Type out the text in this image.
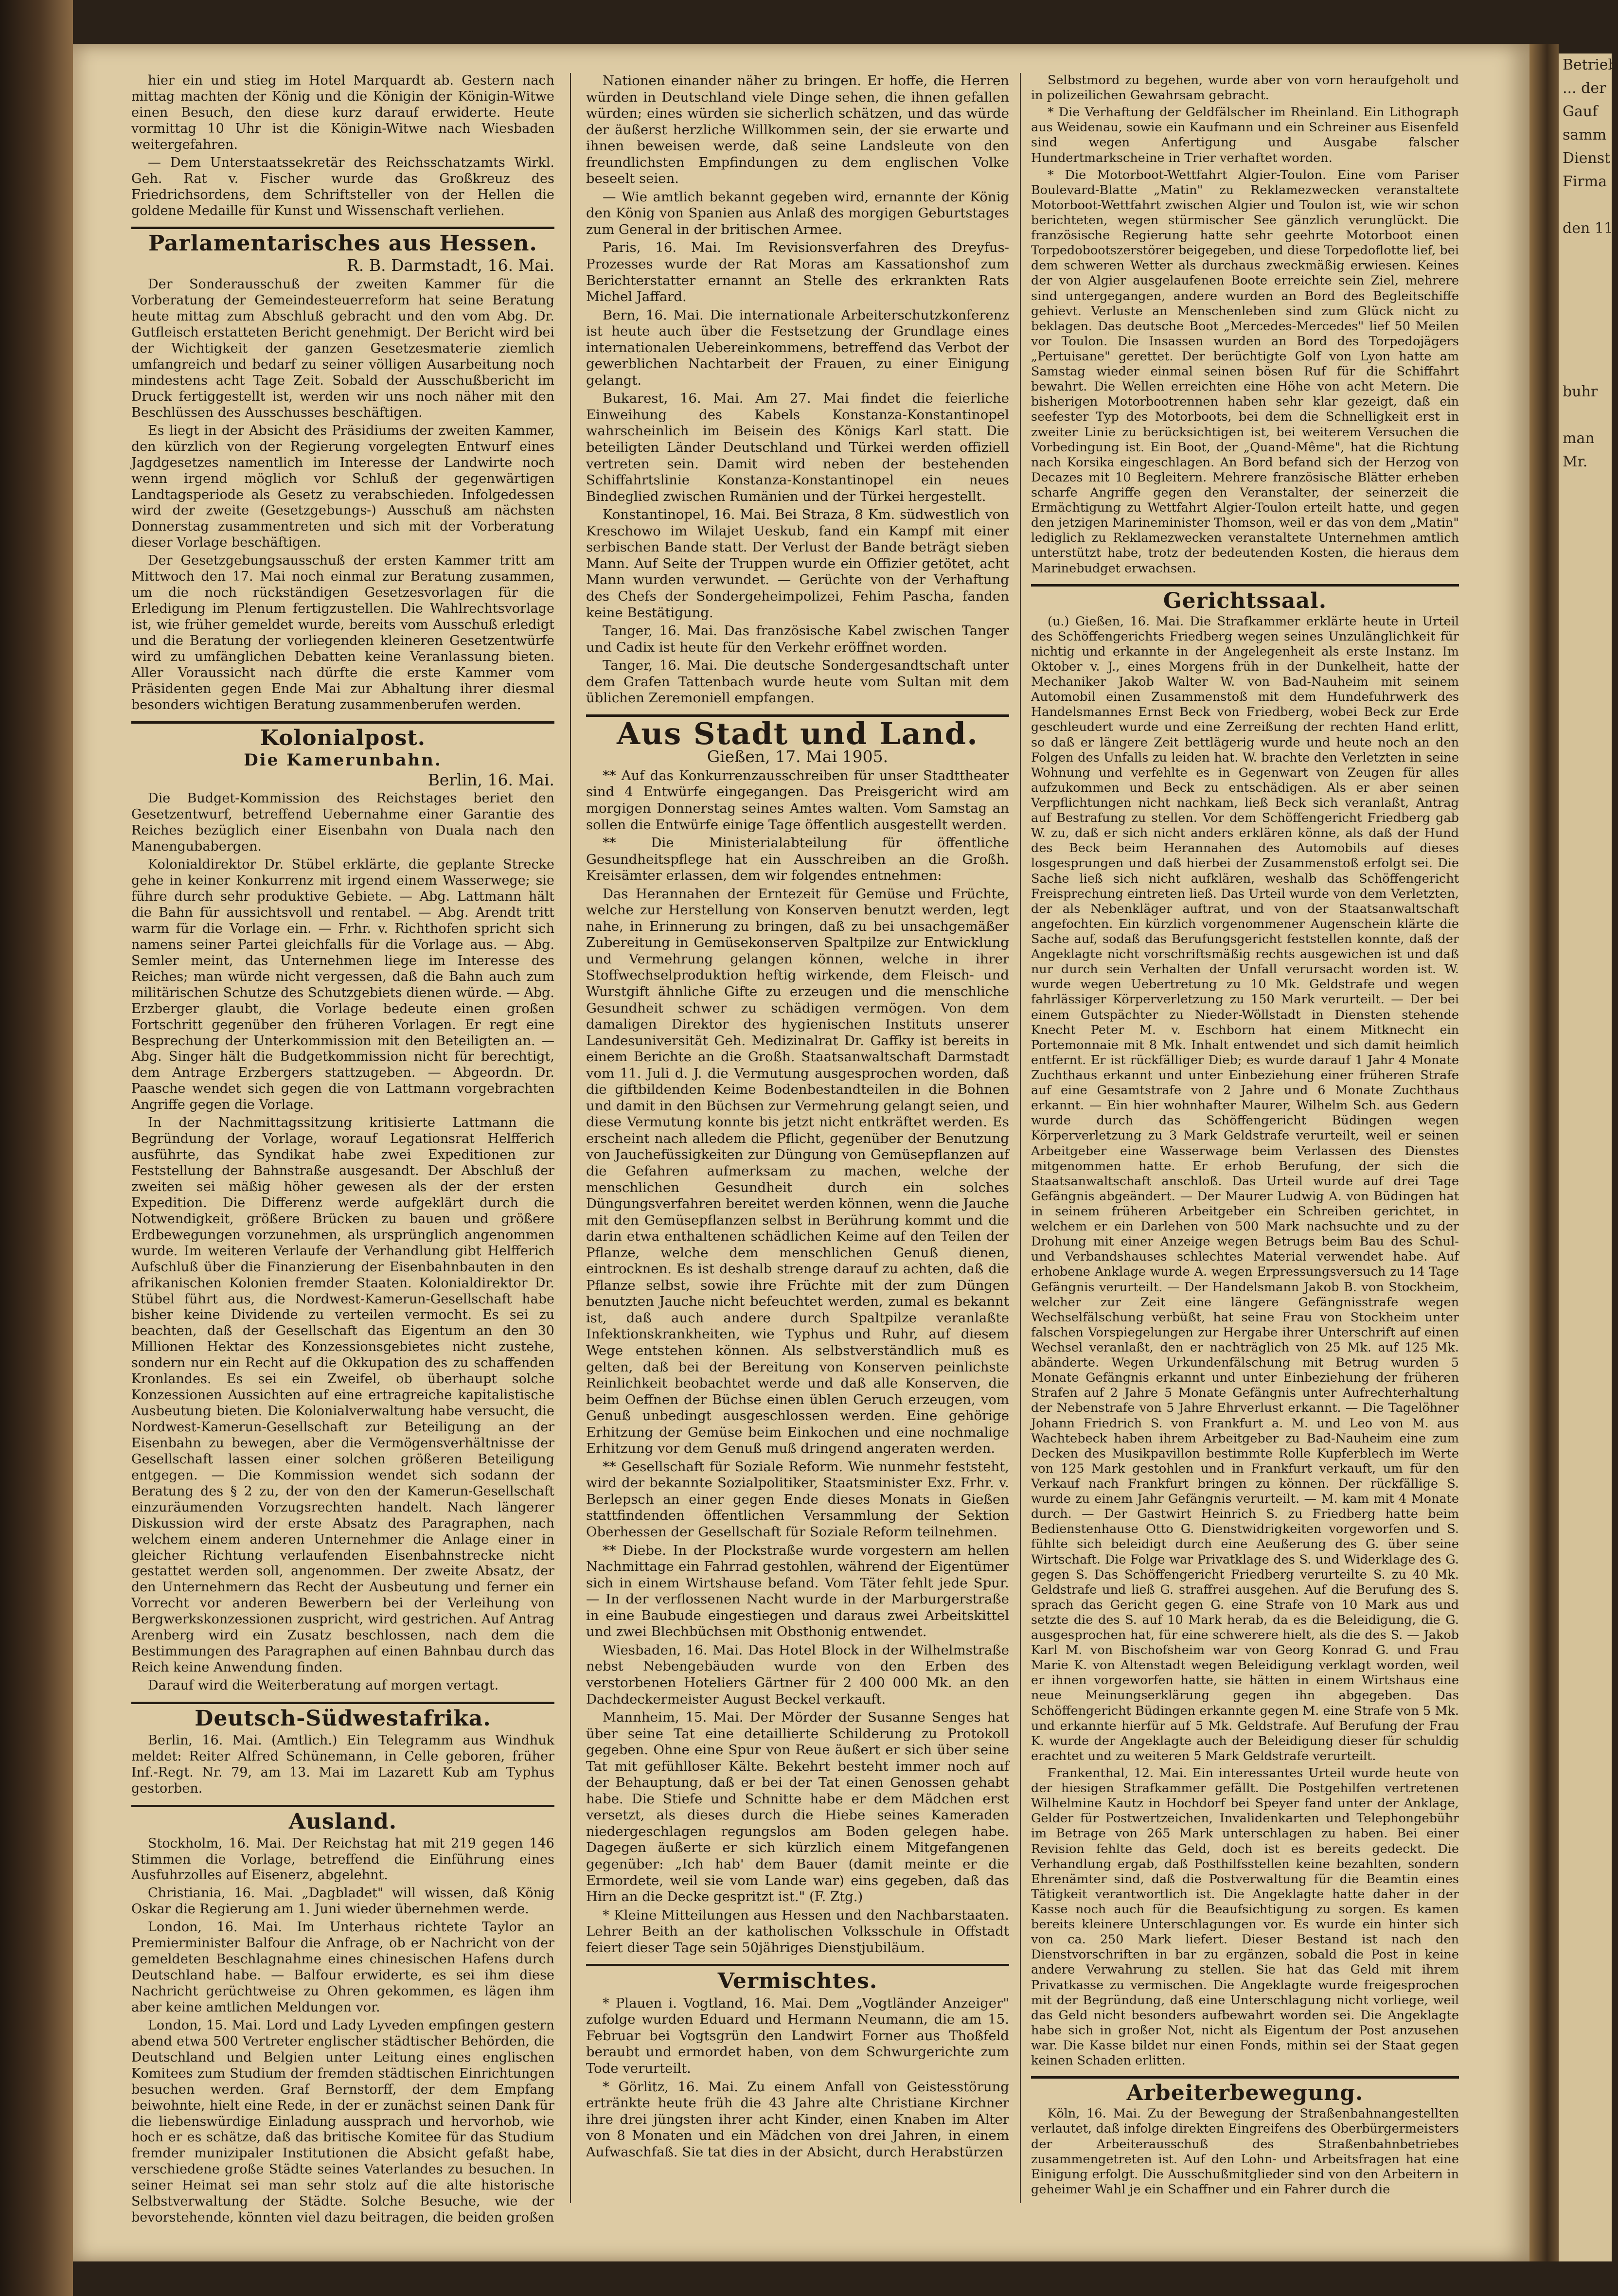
Betrieb
... der
Gauf
samm
Dienst
Firma

den 11.

buhr

man
Mr.

hier ein und stieg im Hotel Marquardt ab. Gestern nach mittag machten der König und die Königin der Königin-Witwe einen Besuch, den diese kurz darauf erwiderte. Heute vormittag 10 Uhr ist die Königin-Witwe nach Wiesbaden weitergefahren.

— Dem Unterstaatssekretär des Reichsschatzamts Wirkl. Geh. Rat v. Fischer wurde das Großkreuz des Friedrichsordens, dem Schriftsteller von der Hellen die goldene Medaille für Kunst und Wissenschaft verliehen.

Parlamentarisches aus Hessen.
R. B. Darmstadt, 16. Mai.

Der Sonderausschuß der zweiten Kammer für die Vorberatung der Gemeindesteuerreform hat seine Beratung heute mittag zum Abschluß gebracht und den vom Abg. Dr. Gutfleisch erstatteten Bericht genehmigt. Der Bericht wird bei der Wichtigkeit der ganzen Gesetzesmaterie ziemlich umfangreich und bedarf zu seiner völligen Ausarbeitung noch mindestens acht Tage Zeit. Sobald der Ausschußbericht im Druck fertiggestellt ist, werden wir uns noch näher mit den Beschlüssen des Ausschusses beschäftigen.

Es liegt in der Absicht des Präsidiums der zweiten Kammer, den kürzlich von der Regierung vorgelegten Entwurf eines Jagdgesetzes namentlich im Interesse der Landwirte noch wenn irgend möglich vor Schluß der gegenwärtigen Landtagsperiode als Gesetz zu verabschieden. Infolgedessen wird der zweite (Gesetzgebungs-) Ausschuß am nächsten Donnerstag zusammentreten und sich mit der Vorberatung dieser Vorlage beschäftigen.

Der Gesetzgebungsausschuß der ersten Kammer tritt am Mittwoch den 17. Mai noch einmal zur Beratung zusammen, um die noch rückständigen Gesetzesvorlagen für die Erledigung im Plenum fertigzustellen. Die Wahlrechtsvorlage ist, wie früher gemeldet wurde, bereits vom Ausschuß erledigt und die Beratung der vorliegenden kleineren Gesetzentwürfe wird zu umfänglichen Debatten keine Veranlassung bieten. Aller Voraussicht nach dürfte die erste Kammer vom Präsidenten gegen Ende Mai zur Abhaltung ihrer diesmal besonders wichtigen Beratung zusammenberufen werden.

Kolonialpost.
Die Kamerunbahn.
Berlin, 16. Mai.

Die Budget-Kommission des Reichstages beriet den Gesetzentwurf, betreffend Uebernahme einer Garantie des Reiches bezüglich einer Eisenbahn von Duala nach den Manengubabergen.

Kolonialdirektor Dr. Stübel erklärte, die geplante Strecke gehe in keiner Konkurrenz mit irgend einem Wasserwege; sie führe durch sehr produktive Gebiete. — Abg. Lattmann hält die Bahn für aussichtsvoll und rentabel. — Abg. Arendt tritt warm für die Vorlage ein. — Frhr. v. Richthofen spricht sich namens seiner Partei gleichfalls für die Vorlage aus. — Abg. Semler meint, das Unternehmen liege im Interesse des Reiches; man würde nicht vergessen, daß die Bahn auch zum militärischen Schutze des Schutzgebiets dienen würde. — Abg. Erzberger glaubt, die Vorlage bedeute einen großen Fortschritt gegenüber den früheren Vorlagen. Er regt eine Besprechung der Unterkommission mit den Beteiligten an. — Abg. Singer hält die Budgetkommission nicht für berechtigt, dem Antrage Erzbergers stattzugeben. — Abgeordn. Dr. Paasche wendet sich gegen die von Lattmann vorgebrachten Angriffe gegen die Vorlage.

In der Nachmittagssitzung kritisierte Lattmann die Begründung der Vorlage, worauf Legationsrat Helfferich ausführte, das Syndikat habe zwei Expeditionen zur Feststellung der Bahnstraße ausgesandt. Der Abschluß der zweiten sei mäßig höher gewesen als der der ersten Expedition. Die Differenz werde aufgeklärt durch die Notwendigkeit, größere Brücken zu bauen und größere Erdbewegungen vorzunehmen, als ursprünglich angenommen wurde. Im weiteren Verlaufe der Verhandlung gibt Helfferich Aufschluß über die Finanzierung der Eisenbahnbauten in den afrikanischen Kolonien fremder Staaten. Kolonialdirektor Dr. Stübel führt aus, die Nordwest-Kamerun-Gesellschaft habe bisher keine Dividende zu verteilen vermocht. Es sei zu beachten, daß der Gesellschaft das Eigentum an den 30 Millionen Hektar des Konzessionsgebietes nicht zustehe, sondern nur ein Recht auf die Okkupation des zu schaffenden Kronlandes. Es sei ein Zweifel, ob überhaupt solche Konzessionen Aussichten auf eine ertragreiche kapitalistische Ausbeutung bieten. Die Kolonialverwaltung habe versucht, die Nordwest-Kamerun-Gesellschaft zur Beteiligung an der Eisenbahn zu bewegen, aber die Vermögensverhältnisse der Gesellschaft lassen einer solchen größeren Beteiligung entgegen. — Die Kommission wendet sich sodann der Beratung des § 2 zu, der von den der Kamerun-Gesellschaft einzuräumenden Vorzugsrechten handelt. Nach längerer Diskussion wird der erste Absatz des Paragraphen, nach welchem einem anderen Unternehmer die Anlage einer in gleicher Richtung verlaufenden Eisenbahnstrecke nicht gestattet werden soll, angenommen. Der zweite Absatz, der den Unternehmern das Recht der Ausbeutung und ferner ein Vorrecht vor anderen Bewerbern bei der Verleihung von Bergwerkskonzessionen zuspricht, wird gestrichen. Auf Antrag Arenberg wird ein Zusatz beschlossen, nach dem die Bestimmungen des Paragraphen auf einen Bahnbau durch das Reich keine Anwendung finden.

Darauf wird die Weiterberatung auf morgen vertagt.

Deutsch-Südwestafrika.

Berlin, 16. Mai. (Amtlich.) Ein Telegramm aus Windhuk meldet: Reiter Alfred Schünemann, in Celle geboren, früher Inf.-Regt. Nr. 79, am 13. Mai im Lazarett Kub am Typhus gestorben.

Ausland.

Stockholm, 16. Mai. Der Reichstag hat mit 219 gegen 146 Stimmen die Vorlage, betreffend die Einführung eines Ausfuhrzolles auf Eisenerz, abgelehnt.

Christiania, 16. Mai. „Dagbladet" will wissen, daß König Oskar die Regierung am 1. Juni wieder übernehmen werde.

London, 16. Mai. Im Unterhaus richtete Taylor an Premierminister Balfour die Anfrage, ob er Nachricht von der gemeldeten Beschlagnahme eines chinesischen Hafens durch Deutschland habe. — Balfour erwiderte, es sei ihm diese Nachricht gerüchtweise zu Ohren gekommen, es lägen ihm aber keine amtlichen Meldungen vor.

London, 15. Mai. Lord und Lady Lyveden empfingen gestern abend etwa 500 Vertreter englischer städtischer Behörden, die Deutschland und Belgien unter Leitung eines englischen Komitees zum Studium der fremden städtischen Einrichtungen besuchen werden. Graf Bernstorff, der dem Empfang beiwohnte, hielt eine Rede, in der er zunächst seinen Dank für die liebenswürdige Einladung aussprach und hervorhob, wie hoch er es schätze, daß das britische Komitee für das Studium fremder munizipaler Institutionen die Absicht gefaßt habe, verschiedene große Städte seines Vaterlandes zu besuchen. In seiner Heimat sei man sehr stolz auf die alte historische Selbstverwaltung der Städte. Solche Besuche, wie der bevorstehende, könnten viel dazu beitragen, die beiden großen

Nationen einander näher zu bringen. Er hoffe, die Herren würden in Deutschland viele Dinge sehen, die ihnen gefallen würden; eines würden sie sicherlich schätzen, und das würde der äußerst herzliche Willkommen sein, der sie erwarte und ihnen beweisen werde, daß seine Landsleute von den freundlichsten Empfindungen zu dem englischen Volke beseelt seien.

— Wie amtlich bekannt gegeben wird, ernannte der König den König von Spanien aus Anlaß des morgigen Geburtstages zum General in der britischen Armee.

Paris, 16. Mai. Im Revisionsverfahren des Dreyfus-Prozesses wurde der Rat Moras am Kassationshof zum Berichterstatter ernannt an Stelle des erkrankten Rats Michel Jaffard.

Bern, 16. Mai. Die internationale Arbeiterschutzkonferenz ist heute auch über die Festsetzung der Grundlage eines internationalen Uebereinkommens, betreffend das Verbot der gewerblichen Nachtarbeit der Frauen, zu einer Einigung gelangt.

Bukarest, 16. Mai. Am 27. Mai findet die feierliche Einweihung des Kabels Konstanza-Konstantinopel wahrscheinlich im Beisein des Königs Karl statt. Die beteiligten Länder Deutschland und Türkei werden offiziell vertreten sein. Damit wird neben der bestehenden Schiffahrtslinie Konstanza-Konstantinopel ein neues Bindeglied zwischen Rumänien und der Türkei hergestellt.

Konstantinopel, 16. Mai. Bei Straza, 8 Km. südwestlich von Kreschowo im Wilajet Ueskub, fand ein Kampf mit einer serbischen Bande statt. Der Verlust der Bande beträgt sieben Mann. Auf Seite der Truppen wurde ein Offizier getötet, acht Mann wurden verwundet. — Gerüchte von der Verhaftung des Chefs der Sondergeheimpolizei, Fehim Pascha, fanden keine Bestätigung.

Tanger, 16. Mai. Das französische Kabel zwischen Tanger und Cadix ist heute für den Verkehr eröffnet worden.

Tanger, 16. Mai. Die deutsche Sondergesandtschaft unter dem Grafen Tattenbach wurde heute vom Sultan mit dem üblichen Zeremoniell empfangen.

Aus Stadt und Land.
Gießen, 17. Mai 1905.

** Auf das Konkurrenzausschreiben für unser Stadttheater sind 4 Entwürfe eingegangen. Das Preisgericht wird am morgigen Donnerstag seines Amtes walten. Vom Samstag an sollen die Entwürfe einige Tage öffentlich ausgestellt werden.

** Die Ministerialabteilung für öffentliche Gesundheitspflege hat ein Ausschreiben an die Großh. Kreisämter erlassen, dem wir folgendes entnehmen:

Das Herannahen der Erntezeit für Gemüse und Früchte, welche zur Herstellung von Konserven benutzt werden, legt nahe, in Erinnerung zu bringen, daß zu bei unsachgemäßer Zubereitung in Gemüsekonserven Spaltpilze zur Entwicklung und Vermehrung gelangen können, welche in ihrer Stoffwechselproduktion heftig wirkende, dem Fleisch- und Wurstgift ähnliche Gifte zu erzeugen und die menschliche Gesundheit schwer zu schädigen vermögen. Von dem damaligen Direktor des hygienischen Instituts unserer Landesuniversität Geh. Medizinalrat Dr. Gaffky ist bereits in einem Berichte an die Großh. Staatsanwaltschaft Darmstadt vom 11. Juli d. J. die Vermutung ausgesprochen worden, daß die giftbildenden Keime Bodenbestandteilen in die Bohnen und damit in den Büchsen zur Vermehrung gelangt seien, und diese Vermutung konnte bis jetzt nicht entkräftet werden. Es erscheint nach alledem die Pflicht, gegenüber der Benutzung von Jauchefüssigkeiten zur Düngung von Gemüsepflanzen auf die Gefahren aufmerksam zu machen, welche der menschlichen Gesundheit durch ein solches Düngungsverfahren bereitet werden können, wenn die Jauche mit den Gemüsepflanzen selbst in Berührung kommt und die darin etwa enthaltenen schädlichen Keime auf den Teilen der Pflanze, welche dem menschlichen Genuß dienen, eintrocknen. Es ist deshalb strenge darauf zu achten, daß die Pflanze selbst, sowie ihre Früchte mit der zum Düngen benutzten Jauche nicht befeuchtet werden, zumal es bekannt ist, daß auch andere durch Spaltpilze veranlaßte Infektionskrankheiten, wie Typhus und Ruhr, auf diesem Wege entstehen können. Als selbstverständlich muß es gelten, daß bei der Bereitung von Konserven peinlichste Reinlichkeit beobachtet werde und daß alle Konserven, die beim Oeffnen der Büchse einen üblen Geruch erzeugen, vom Genuß unbedingt ausgeschlossen werden. Eine gehörige Erhitzung der Gemüse beim Einkochen und eine nochmalige Erhitzung vor dem Genuß muß dringend angeraten werden.

** Gesellschaft für Soziale Reform. Wie nunmehr feststeht, wird der bekannte Sozialpolitiker, Staatsminister Exz. Frhr. v. Berlepsch an einer gegen Ende dieses Monats in Gießen stattfindenden öffentlichen Versammlung der Sektion Oberhessen der Gesellschaft für Soziale Reform teilnehmen.

** Diebe. In der Plockstraße wurde vorgestern am hellen Nachmittage ein Fahrrad gestohlen, während der Eigentümer sich in einem Wirtshause befand. Vom Täter fehlt jede Spur. — In der verflossenen Nacht wurde in der Marburgerstraße in eine Baubude eingestiegen und daraus zwei Arbeitskittel und zwei Blechbüchsen mit Obsthonig entwendet.

Wiesbaden, 16. Mai. Das Hotel Block in der Wilhelmstraße nebst Nebengebäuden wurde von den Erben des verstorbenen Hoteliers Gärtner für 2 400 000 Mk. an den Dachdeckermeister August Beckel verkauft.

Mannheim, 15. Mai. Der Mörder der Susanne Senges hat über seine Tat eine detaillierte Schilderung zu Protokoll gegeben. Ohne eine Spur von Reue äußert er sich über seine Tat mit gefühlloser Kälte. Bekehrt besteht immer noch auf der Behauptung, daß er bei der Tat einen Genossen gehabt habe. Die Stiefe und Schnitte habe er dem Mädchen erst versetzt, als dieses durch die Hiebe seines Kameraden niedergeschlagen regungslos am Boden gelegen habe. Dagegen äußerte er sich kürzlich einem Mitgefangenen gegenüber: „Ich hab' dem Bauer (damit meinte er die Ermordete, weil sie vom Lande war) eins gegeben, daß das Hirn an die Decke gespritzt ist." (F. Ztg.)

* Kleine Mitteilungen aus Hessen und den Nachbarstaaten. Lehrer Beith an der katholischen Volksschule in Offstadt feiert dieser Tage sein 50jähriges Dienstjubiläum.

Vermischtes.

* Plauen i. Vogtland, 16. Mai. Dem „Vogtländer Anzeiger" zufolge wurden Eduard und Hermann Neumann, die am 15. Februar bei Vogtsgrün den Landwirt Forner aus Thoßfeld beraubt und ermordet haben, von dem Schwurgerichte zum Tode verurteilt.

* Görlitz, 16. Mai. Zu einem Anfall von Geistesstörung ertränkte heute früh die 43 Jahre alte Christiane Kirchner ihre drei jüngsten ihrer acht Kinder, einen Knaben im Alter von 8 Monaten und ein Mädchen von drei Jahren, in einem Aufwaschfaß. Sie tat dies in der Absicht, durch Herabstürzen

Selbstmord zu begehen, wurde aber von vorn heraufgeholt und in polizeilichen Gewahrsam gebracht.

* Die Verhaftung der Geldfälscher im Rheinland. Ein Lithograph aus Weidenau, sowie ein Kaufmann und ein Schreiner aus Eisenfeld sind wegen Anfertigung und Ausgabe falscher Hundertmarkscheine in Trier verhaftet worden.

* Die Motorboot-Wettfahrt Algier-Toulon. Eine vom Pariser Boulevard-Blatte „Matin" zu Reklamezwecken veranstaltete Motorboot-Wettfahrt zwischen Algier und Toulon ist, wie wir schon berichteten, wegen stürmischer See gänzlich verunglückt. Die französische Regierung hatte sehr geehrte Motorboot einen Torpedobootszerstörer beigegeben, und diese Torpedoflotte lief, bei dem schweren Wetter als durchaus zweckmäßig erwiesen. Keines der von Algier ausgelaufenen Boote erreichte sein Ziel, mehrere sind untergegangen, andere wurden an Bord des Begleitschiffe gehievt. Verluste an Menschenleben sind zum Glück nicht zu beklagen. Das deutsche Boot „Mercedes-Mercedes" lief 50 Meilen vor Toulon. Die Insassen wurden an Bord des Torpedojägers „Pertuisane" gerettet. Der berüchtigte Golf von Lyon hatte am Samstag wieder einmal seinen bösen Ruf für die Schiffahrt bewahrt. Die Wellen erreichten eine Höhe von acht Metern. Die bisherigen Motorbootrennen haben sehr klar gezeigt, daß ein seefester Typ des Motorboots, bei dem die Schnelligkeit erst in zweiter Linie zu berücksichtigen ist, bei weiterem Versuchen die Vorbedingung ist. Ein Boot, der „Quand-Même", hat die Richtung nach Korsika eingeschlagen. An Bord befand sich der Herzog von Decazes mit 10 Begleitern. Mehrere französische Blätter erheben scharfe Angriffe gegen den Veranstalter, der seinerzeit die Ermächtigung zu Wettfahrt Algier-Toulon erteilt hatte, und gegen den jetzigen Marineminister Thomson, weil er das von dem „Matin" lediglich zu Reklamezwecken veranstaltete Unternehmen amtlich unterstützt habe, trotz der bedeutenden Kosten, die hieraus dem Marinebudget erwachsen.

Gerichtssaal.

(u.) Gießen, 16. Mai. Die Strafkammer erklärte heute in Urteil des Schöffengerichts Friedberg wegen seines Unzulänglichkeit für nichtig und erkannte in der Angelegenheit als erste Instanz. Im Oktober v. J., eines Morgens früh in der Dunkelheit, hatte der Mechaniker Jakob Walter W. von Bad-Nauheim mit seinem Automobil einen Zusammenstoß mit dem Hundefuhrwerk des Handelsmannes Ernst Beck von Friedberg, wobei Beck zur Erde geschleudert wurde und eine Zerreißung der rechten Hand erlitt, so daß er längere Zeit bettlägerig wurde und heute noch an den Folgen des Unfalls zu leiden hat. W. brachte den Verletzten in seine Wohnung und verfehlte es in Gegenwart von Zeugen für alles aufzukommen und Beck zu entschädigen. Als er aber seinen Verpflichtungen nicht nachkam, ließ Beck sich veranlaßt, Antrag auf Bestrafung zu stellen. Vor dem Schöffengericht Friedberg gab W. zu, daß er sich nicht anders erklären könne, als daß der Hund des Beck beim Herannahen des Automobils auf dieses losgesprungen und daß hierbei der Zusammenstoß erfolgt sei. Die Sache ließ sich nicht aufklären, weshalb das Schöffengericht Freisprechung eintreten ließ. Das Urteil wurde von dem Verletzten, der als Nebenkläger auftrat, und von der Staatsanwaltschaft angefochten. Ein kürzlich vorgenommener Augenschein klärte die Sache auf, sodaß das Berufungsgericht feststellen konnte, daß der Angeklagte nicht vorschriftsmäßig rechts ausgewichen ist und daß nur durch sein Verhalten der Unfall verursacht worden ist. W. wurde wegen Uebertretung zu 10 Mk. Geldstrafe und wegen fahrlässiger Körperverletzung zu 150 Mark verurteilt. — Der bei einem Gutspächter zu Nieder-Wöllstadt in Diensten stehende Knecht Peter M. v. Eschborn hat einem Mitknecht ein Portemonnaie mit 8 Mk. Inhalt entwendet und sich damit heimlich entfernt. Er ist rückfälliger Dieb; es wurde darauf 1 Jahr 4 Monate Zuchthaus erkannt und unter Einbeziehung einer früheren Strafe auf eine Gesamtstrafe von 2 Jahre und 6 Monate Zuchthaus erkannt. — Ein hier wohnhafter Maurer, Wilhelm Sch. aus Gedern wurde durch das Schöffengericht Büdingen wegen Körperverletzung zu 3 Mark Geldstrafe verurteilt, weil er seinen Arbeitgeber eine Wasserwage beim Verlassen des Dienstes mitgenommen hatte. Er erhob Berufung, der sich die Staatsanwaltschaft anschloß. Das Urteil wurde auf drei Tage Gefängnis abgeändert. — Der Maurer Ludwig A. von Büdingen hat in seinem früheren Arbeitgeber ein Schreiben gerichtet, in welchem er ein Darlehen von 500 Mark nachsuchte und zu der Drohung mit einer Anzeige wegen Betrugs beim Bau des Schul- und Verbandshauses schlechtes Material verwendet habe. Auf erhobene Anklage wurde A. wegen Erpressungsversuch zu 14 Tage Gefängnis verurteilt. — Der Handelsmann Jakob B. von Stockheim, welcher zur Zeit eine längere Gefängnisstrafe wegen Wechselfälschung verbüßt, hat seine Frau von Stockheim unter falschen Vorspiegelungen zur Hergabe ihrer Unterschrift auf einen Wechsel veranlaßt, den er nachträglich von 25 Mk. auf 125 Mk. abänderte. Wegen Urkundenfälschung mit Betrug wurden 5 Monate Gefängnis erkannt und unter Einbeziehung der früheren Strafen auf 2 Jahre 5 Monate Gefängnis unter Aufrechterhaltung der Nebenstrafe von 5 Jahre Ehrverlust erkannt. — Die Tagelöhner Johann Friedrich S. von Frankfurt a. M. und Leo von M. aus Wachtebeck haben ihrem Arbeitgeber zu Bad-Nauheim eine zum Decken des Musikpavillon bestimmte Rolle Kupferblech im Werte von 125 Mark gestohlen und in Frankfurt verkauft, um für den Verkauf nach Frankfurt bringen zu können. Der rückfällige S. wurde zu einem Jahr Gefängnis verurteilt. — M. kam mit 4 Monate durch. — Der Gastwirt Heinrich S. zu Friedberg hatte beim Bedienstenhause Otto G. Dienstwidrigkeiten vorgeworfen und S. fühlte sich beleidigt durch eine Aeußerung des G. über seine Wirtschaft. Die Folge war Privatklage des S. und Widerklage des G. gegen S. Das Schöffengericht Friedberg verurteilte S. zu 40 Mk. Geldstrafe und ließ G. straffrei ausgehen. Auf die Berufung des S. sprach das Gericht gegen G. eine Strafe von 10 Mark aus und setzte die des S. auf 10 Mark herab, da es die Beleidigung, die G. ausgesprochen hat, für eine schwerere hielt, als die des S. — Jakob Karl M. von Bischofsheim war von Georg Konrad G. und Frau Marie K. von Altenstadt wegen Beleidigung verklagt worden, weil er ihnen vorgeworfen hatte, sie hätten in einem Wirtshaus eine neue Meinungserklärung gegen ihn abgegeben. Das Schöffengericht Büdingen erkannte gegen M. eine Strafe von 5 Mk. und erkannte hierfür auf 5 Mk. Geldstrafe. Auf Berufung der Frau K. wurde der Angeklagte auch der Beleidigung dieser für schuldig erachtet und zu weiteren 5 Mark Geldstrafe verurteilt.

Frankenthal, 12. Mai. Ein interessantes Urteil wurde heute von der hiesigen Strafkammer gefällt. Die Postgehilfen vertretenen Wilhelmine Kautz in Hochdorf bei Speyer fand unter der Anklage, Gelder für Postwertzeichen, Invalidenkarten und Telephongebühr im Betrage von 265 Mark unterschlagen zu haben. Bei einer Revision fehlte das Geld, doch ist es bereits gedeckt. Die Verhandlung ergab, daß Posthilfsstellen keine bezahlten, sondern Ehrenämter sind, daß die Postverwaltung für die Beamtin eines Tätigkeit verantwortlich ist. Die Angeklagte hatte daher in der Kasse noch auch für die Beaufsichtigung zu sorgen. Es kamen bereits kleinere Unterschlagungen vor. Es wurde ein hinter sich von ca. 250 Mark liefert. Dieser Bestand ist nach den Dienstvorschriften in bar zu ergänzen, sobald die Post in keine andere Verwahrung zu stellen. Sie hat das Geld mit ihrem Privatkasse zu vermischen. Die Angeklagte wurde freigesprochen mit der Begründung, daß eine Unterschlagung nicht vorliege, weil das Geld nicht besonders aufbewahrt worden sei. Die Angeklagte habe sich in großer Not, nicht als Eigentum der Post anzusehen war. Die Kasse bildet nur einen Fonds, mithin sei der Staat gegen keinen Schaden erlitten.

Arbeiterbewegung.

Köln, 16. Mai. Zu der Bewegung der Straßenbahnangestellten verlautet, daß infolge direkten Eingreifens des Oberbürgermeisters der Arbeiterausschuß des Straßenbahnbetriebes zusammengetreten ist. Auf den Lohn- und Arbeitsfragen hat eine Einigung erfolgt. Die Ausschußmitglieder sind von den Arbeitern in geheimer Wahl je ein Schaffner und ein Fahrer durch die
